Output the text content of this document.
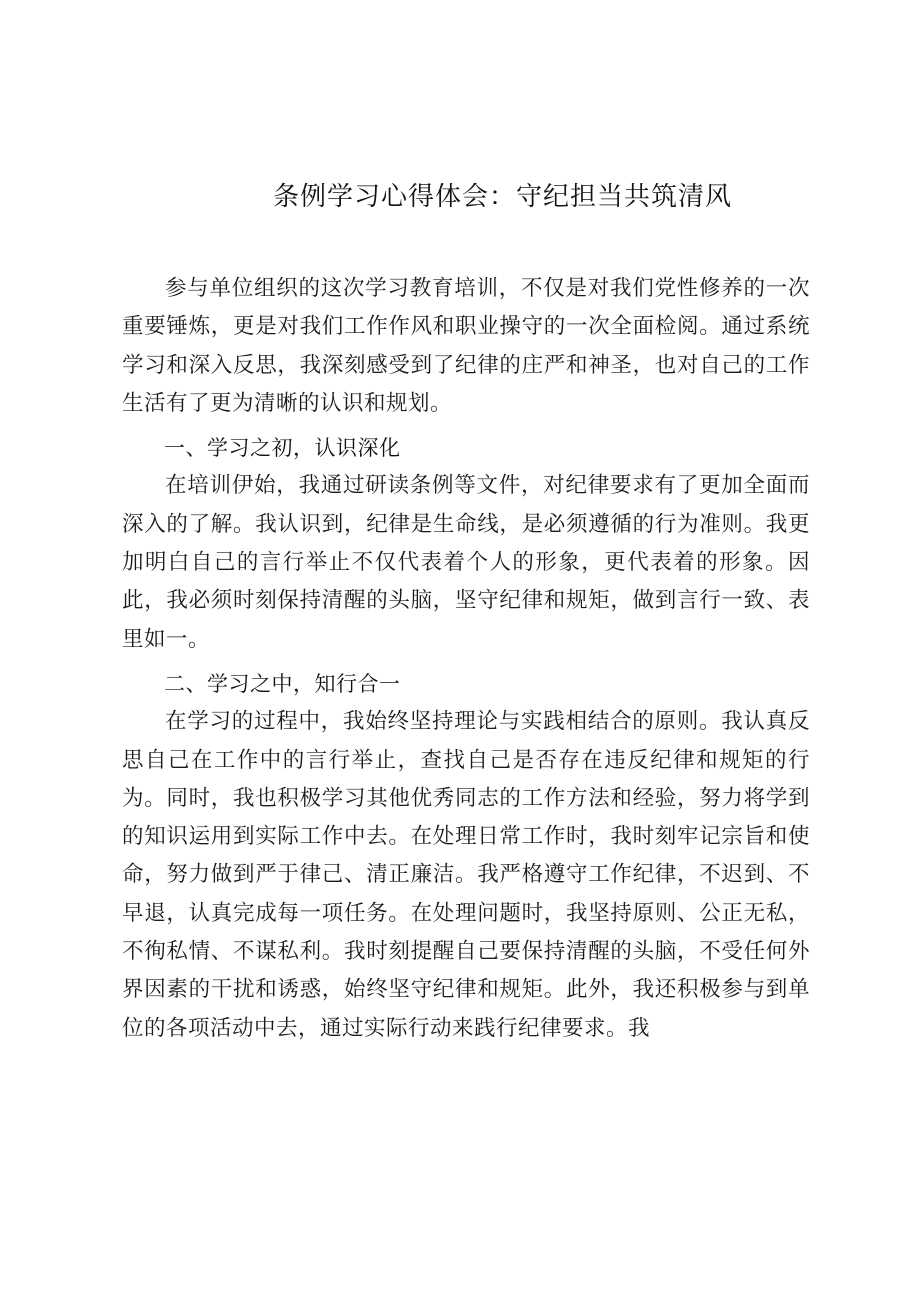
条例学习心得体会：守纪担当共筑清风

参与单位组织的这次学习教育培训，不仅是对我们党性修养的一次重要锤炼，更是对我们工作作风和职业操守的一次全面检阅。通过系统学习和深入反思，我深刻感受到了纪律的庄严和神圣，也对自己的工作生活有了更为清晰的认识和规划。

一、学习之初，认识深化

在培训伊始，我通过研读条例等文件，对纪律要求有了更加全面而深入的了解。我认识到，纪律是生命线，是必须遵循的行为准则。我更加明白自己的言行举止不仅代表着个人的形象，更代表着的形象。因此，我必须时刻保持清醒的头脑，坚守纪律和规矩，做到言行一致、表里如一。

二、学习之中，知行合一

在学习的过程中，我始终坚持理论与实践相结合的原则。我认真反思自己在工作中的言行举止，查找自己是否存在违反纪律和规矩的行为。同时，我也积极学习其他优秀同志的工作方法和经验，努力将学到的知识运用到实际工作中去。在处理日常工作时，我时刻牢记宗旨和使命，努力做到严于律己、清正廉洁。我严格遵守工作纪律，不迟到、不早退，认真完成每一项任务。在处理问题时，我坚持原则、公正无私，不徇私情、不谋私利。我时刻提醒自己要保持清醒的头脑，不受任何外界因素的干扰和诱惑，始终坚守纪律和规矩。此外，我还积极参与到单位的各项活动中去，通过实际行动来践行纪律要求。我
